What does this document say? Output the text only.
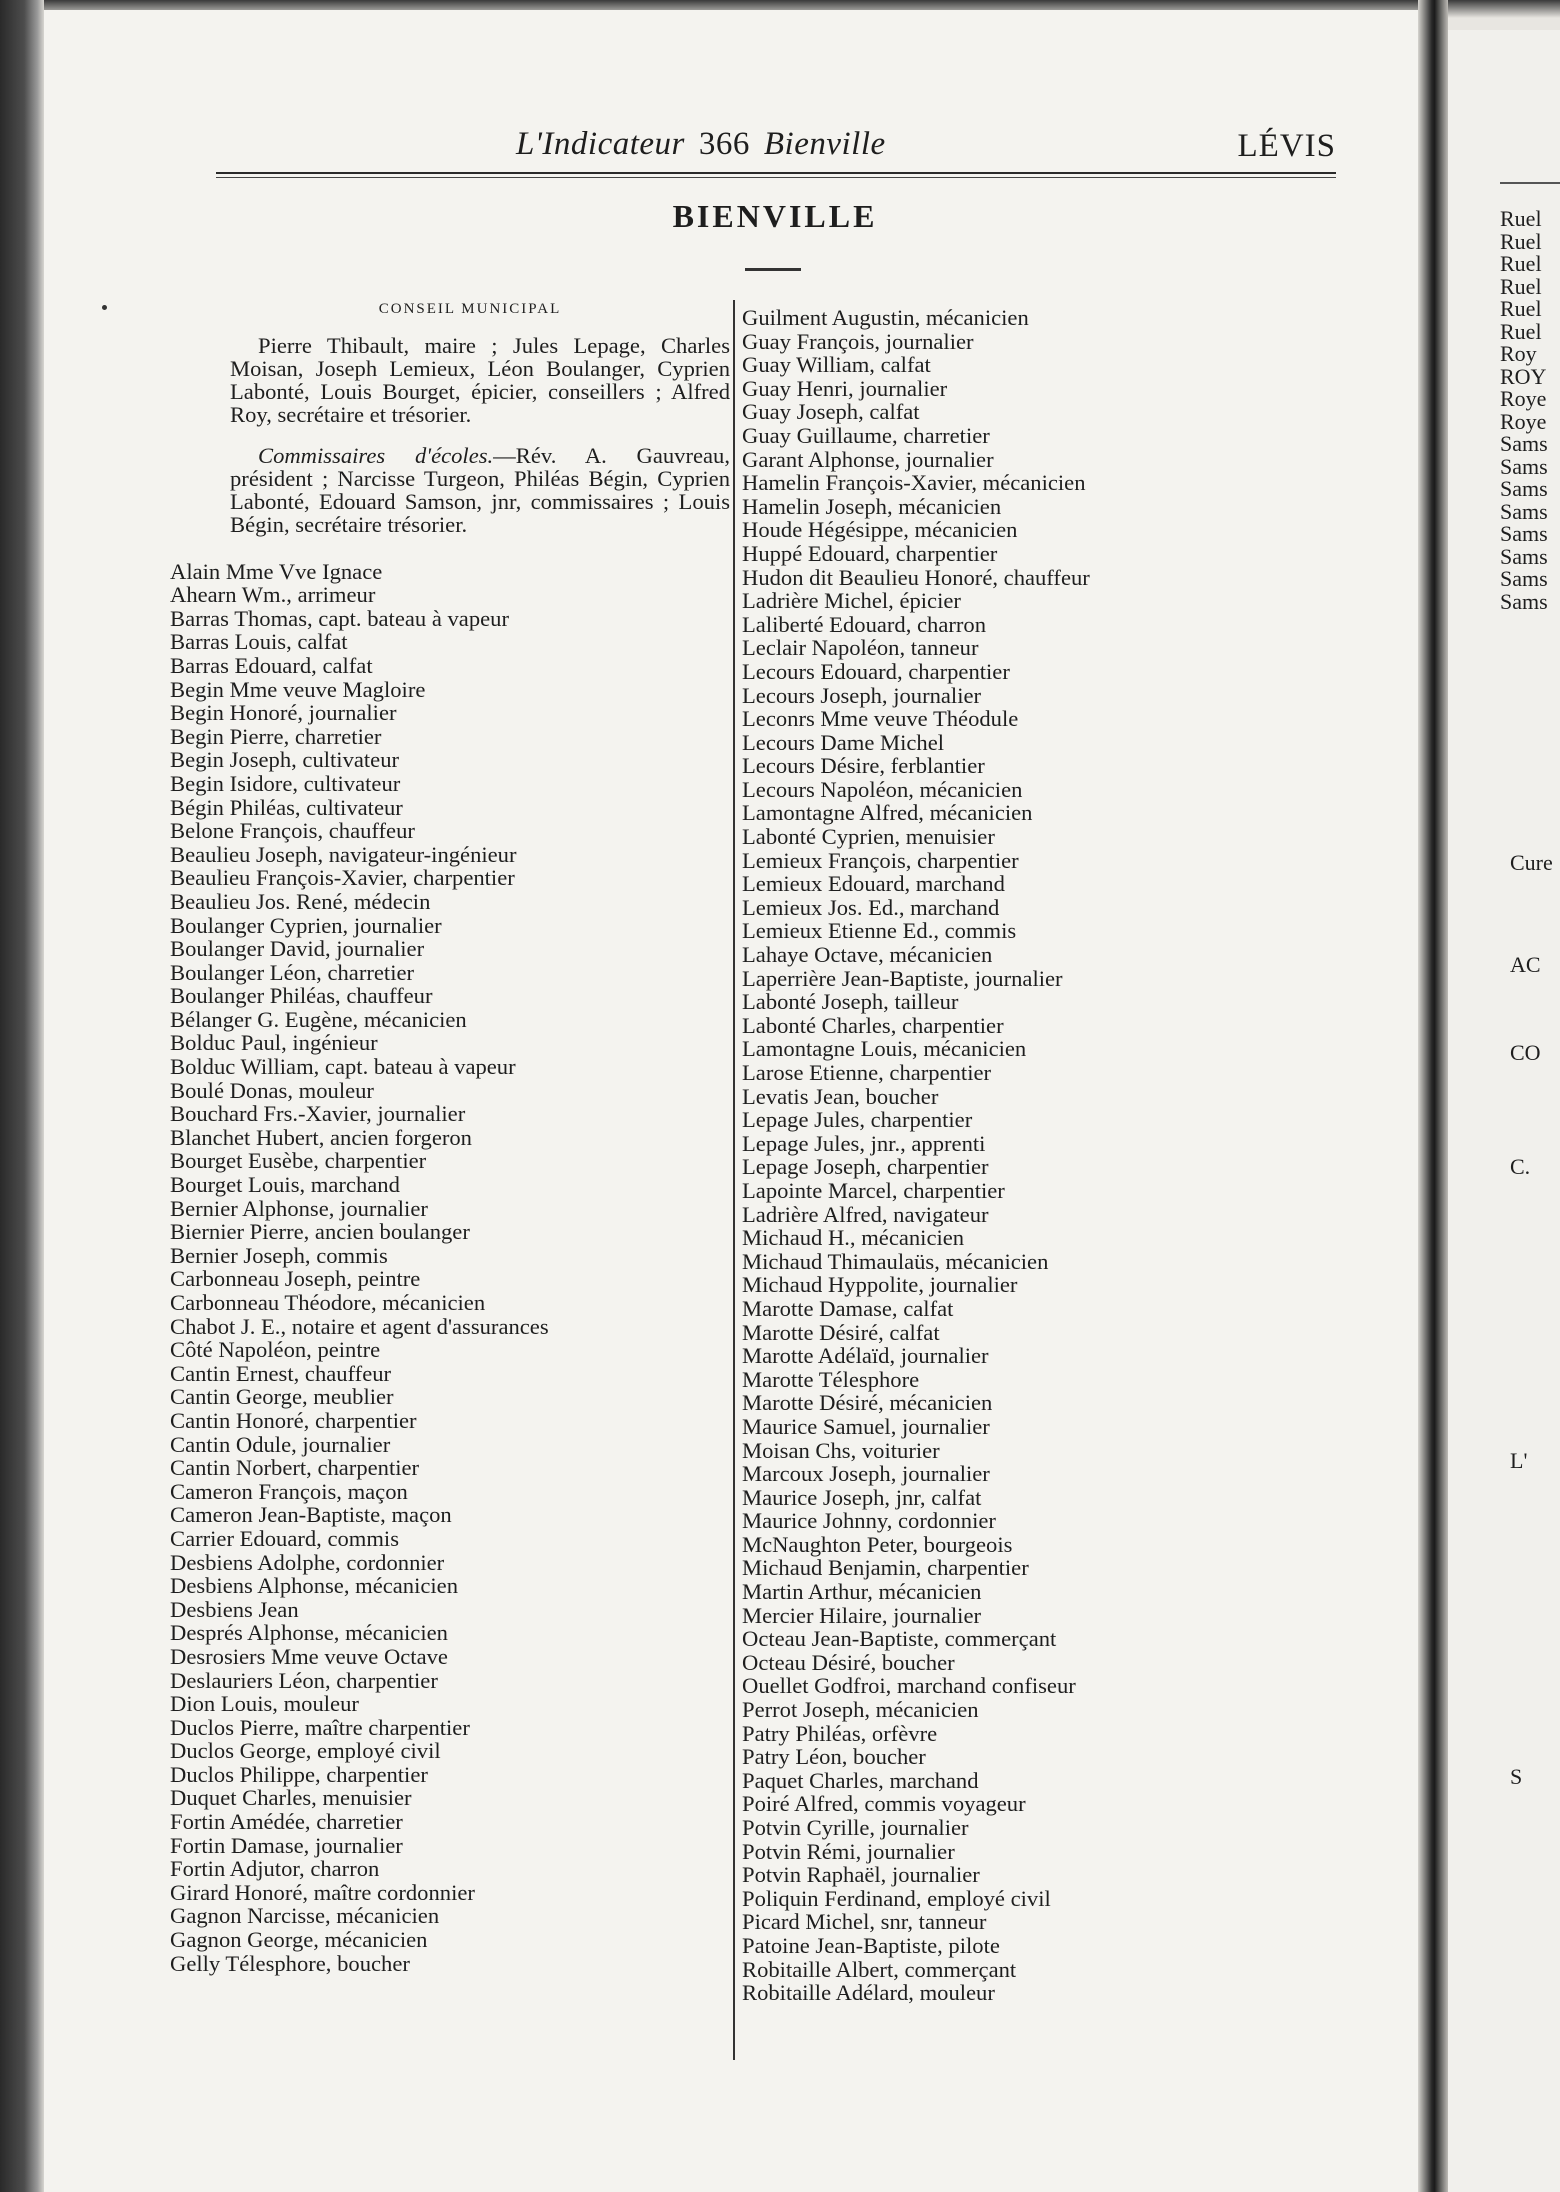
L'Indicateur 366 Bienville	LÉVIS
BIENVILLE
CONSEIL MUNICIPAL

Pierre Thibault, maire ; Jules Lepage, Charles Moisan, Joseph Lemieux, Léon Boulanger, Cyprien Labonté, Louis Bourget, épicier, conseillers ; Alfred Roy, secrétaire et trésorier.

Commissaires d'écoles.—Rév. A. Gauvreau, président ; Narcisse Turgeon, Philéas Bégin, Cyprien Labonté, Edouard Samson, jnr, commissaires ; Louis Bégin, secrétaire trésorier.

Alain Mme Vve Ignace
Ahearn Wm., arrimeur
Barras Thomas, capt. bateau à vapeur
Barras Louis, calfat
Barras Edouard, calfat
Begin Mme veuve Magloire
Begin Honoré, journalier
Begin Pierre, charretier
Begin Joseph, cultivateur
Begin Isidore, cultivateur
Bégin Philéas, cultivateur
Belone François, chauffeur
Beaulieu Joseph, navigateur-ingénieur
Beaulieu François-Xavier, charpentier
Beaulieu Jos. René, médecin
Boulanger Cyprien, journalier
Boulanger David, journalier
Boulanger Léon, charretier
Boulanger Philéas, chauffeur
Bélanger G. Eugène, mécanicien
Bolduc Paul, ingénieur
Bolduc William, capt. bateau à vapeur
Boulé Donas, mouleur
Bouchard Frs.-Xavier, journalier
Blanchet Hubert, ancien forgeron
Bourget Eusèbe, charpentier
Bourget Louis, marchand
Bernier Alphonse, journalier
Biernier Pierre, ancien boulanger
Bernier Joseph, commis
Carbonneau Joseph, peintre
Carbonneau Théodore, mécanicien
Chabot J. E., notaire et agent d'assurances
Côté Napoléon, peintre
Cantin Ernest, chauffeur
Cantin George, meublier
Cantin Honoré, charpentier
Cantin Odule, journalier
Cantin Norbert, charpentier
Cameron François, maçon
Cameron Jean-Baptiste, maçon
Carrier Edouard, commis
Desbiens Adolphe, cordonnier
Desbiens Alphonse, mécanicien
Desbiens Jean
Després Alphonse, mécanicien
Desrosiers Mme veuve Octave
Deslauriers Léon, charpentier
Dion Louis, mouleur
Duclos Pierre, maître charpentier
Duclos George, employé civil
Duclos Philippe, charpentier
Duquet Charles, menuisier
Fortin Amédée, charretier
Fortin Damase, journalier
Fortin Adjutor, charron
Girard Honoré, maître cordonnier
Gagnon Narcisse, mécanicien
Gagnon George, mécanicien
Gelly Télesphore, boucher
Guilment Augustin, mécanicien
Guay François, journalier
Guay William, calfat
Guay Henri, journalier
Guay Joseph, calfat
Guay Guillaume, charretier
Garant Alphonse, journalier
Hamelin François-Xavier, mécanicien
Hamelin Joseph, mécanicien
Houde Hégésippe, mécanicien
Huppé Edouard, charpentier
Hudon dit Beaulieu Honoré, chauffeur
Ladrière Michel, épicier
Laliberté Edouard, charron
Leclair Napoléon, tanneur
Lecours Edouard, charpentier
Lecours Joseph, journalier
Leconrs Mme veuve Théodule
Lecours Dame Michel
Lecours Désire, ferblantier
Lecours Napoléon, mécanicien
Lamontagne Alfred, mécanicien
Labonté Cyprien, menuisier
Lemieux François, charpentier
Lemieux Edouard, marchand
Lemieux Jos. Ed., marchand
Lemieux Etienne Ed., commis
Lahaye Octave, mécanicien
Laperrière Jean-Baptiste, journalier
Labonté Joseph, tailleur
Labonté Charles, charpentier
Lamontagne Louis, mécanicien
Larose Etienne, charpentier
Levatis Jean, boucher
Lepage Jules, charpentier
Lepage Jules, jnr., apprenti
Lepage Joseph, charpentier
Lapointe Marcel, charpentier
Ladrière Alfred, navigateur
Michaud H., mécanicien
Michaud Thimaulaüs, mécanicien
Michaud Hyppolite, journalier
Marotte Damase, calfat
Marotte Désiré, calfat
Marotte Adélaïd, journalier
Marotte Télesphore
Marotte Désiré, mécanicien
Maurice Samuel, journalier
Moisan Chs, voiturier
Marcoux Joseph, journalier
Maurice Joseph, jnr, calfat
Maurice Johnny, cordonnier
McNaughton Peter, bourgeois
Michaud Benjamin, charpentier
Martin Arthur, mécanicien
Mercier Hilaire, journalier
Octeau Jean-Baptiste, commerçant
Octeau Désiré, boucher
Ouellet Godfroi, marchand confiseur
Perrot Joseph, mécanicien
Patry Philéas, orfèvre
Patry Léon, boucher
Paquet Charles, marchand
Poiré Alfred, commis voyageur
Potvin Cyrille, journalier
Potvin Rémi, journalier
Potvin Raphaël, journalier
Poliquin Ferdinand, employé civil
Picard Michel, snr, tanneur
Patoine Jean-Baptiste, pilote
Robitaille Albert, commerçant
Robitaille Adélard, mouleur
Ruel
Ruel
Ruel
Ruel
Ruel
Ruel
Roy
ROY
Roye
Roye
Sams
Sams
Sams
Sams
Sams
Sams
Sams
Sams
Cure
AC
CO
C.
L'
S
